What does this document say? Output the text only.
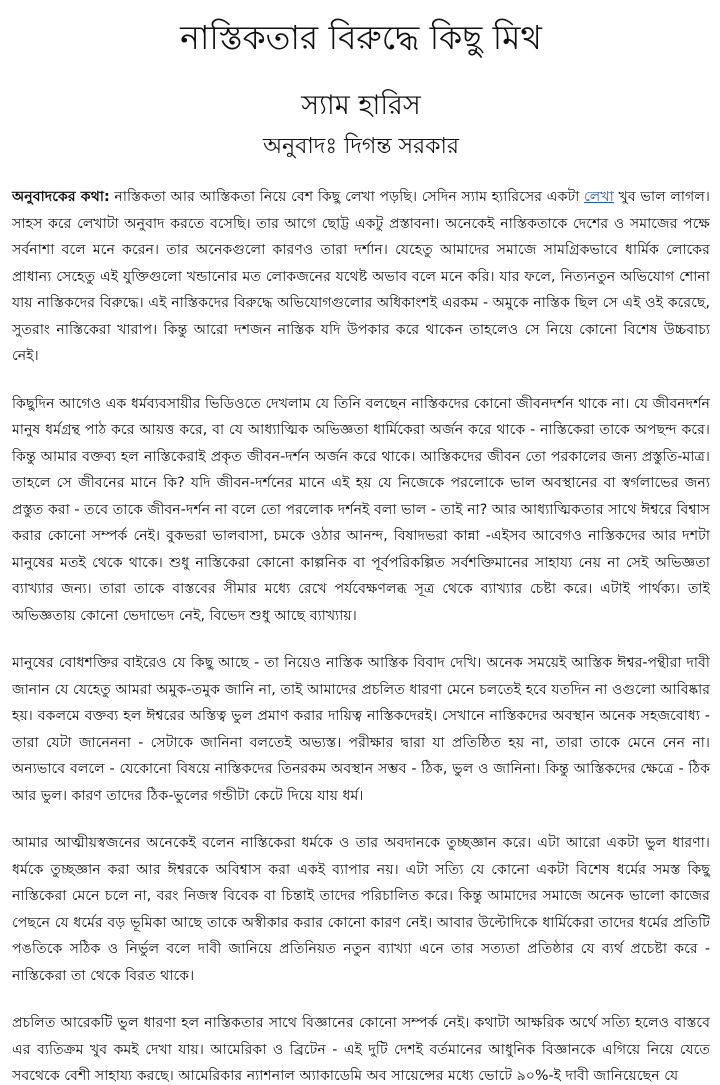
নাস্তিকতার বিরুদ্ধে কিছু মিথ
স্যাম হারিস
অনুবাদঃ দিগন্ত সরকার

অনুবাদকের কথা: নাস্তিকতা আর আস্তিকতা নিয়ে বেশ কিছু লেখা পড়ছি। সেদিন স্যাম হ্যারিসের একটা লেখা খুব ভাল লাগল। সাহস করে লেখাটা অনুবাদ করতে বসেছি। তার আগে ছোট্ট একটু প্রস্তাবনা। অনেকেই নাস্তিকতাকে দেশের ও সমাজের পক্ষে সর্বনাশা বলে মনে করেন। তার অনেকগুলো কারণও তারা দর্শান। যেহেতু আমাদের সমাজে সামগ্রিকভাবে ধার্মিক লোকের প্রাধান্য সেহেতু এই যুক্তিগুলো খন্ডানোর মত লোকজনের যথেষ্ট অভাব বলে মনে করি। যার ফলে, নিত্যনতুন অভিযোগ শোনা যায় নাস্তিকদের বিরুদ্ধে। এই নাস্তিকদের বিরুদ্ধে অভিযোগগুলোর অধিকাংশই এরকম - অমুকে নাস্তিক ছিল সে এই ওই করেছে, সুতরাং নাস্তিকেরা খারাপ। কিন্তু আরো দশজন নাস্তিক যদি উপকার করে থাকেন তাহলেও সে নিয়ে কোনো বিশেষ উচ্চবাচ্য নেই।

কিছুদিন আগেও এক ধর্মব্যবসায়ীর ভিডিওতে দেখলাম যে তিনি বলছেন নাস্তিকদের কোনো জীবনদর্শন থাকে না। যে জীবনদর্শন মানুষ ধর্মগ্রন্থ পাঠ করে আয়ত্ত করে, বা যে আধ্যাত্মিক অভিজ্ঞতা ধার্মিকেরা অর্জন করে থাকে - নাস্তিকেরা তাকে অপছন্দ করে। কিন্তু আমার বক্তব্য হল নাস্তিকেরাই প্রকৃত জীবন-দর্শন অর্জন করে থাকে। আস্তিকদের জীবন তো পরকালের জন্য প্রস্তুতি-মাত্র। তাহলে সে জীবনের মানে কি? যদি জীবন-দর্শনের মানে এই হয় যে নিজেকে পরলোকে ভাল অবস্থানের বা স্বর্গলাভের জন্য প্রস্তুত করা - তবে তাকে জীবন-দর্শন না বলে তো পরলোক দর্শনই বলা ভাল - তাই না? আর আধ্যাত্মিকতার সাথে ঈশ্বরে বিশ্বাস করার কোনো সম্পর্ক নেই। বুকভরা ভালবাসা, চমকে ওঠার আনন্দ, বিষাদভরা কান্না -এইসব আবেগও নাস্তিকদের আর দশটা মানুষের মতই থেকে থাকে। শুধু নাস্তিকেরা কোনো কাল্পনিক বা পূর্বপরিকল্পিত সর্বশক্তিমানের সাহায্য নেয় না সেই অভিজ্ঞতা ব্যাখ্যার জন্য। তারা তাকে বাস্তবের সীমার মধ্যে রেখে পর্যবেক্ষণলব্ধ সূত্র থেকে ব্যাখ্যার চেষ্টা করে। এটাই পার্থক্য। তাই অভিজ্ঞতায় কোনো ভেদাভেদ নেই, বিভেদ শুধু আছে ব্যাখ্যায়।

মানুষের বোধশক্তির বাইরেও যে কিছু আছে - তা নিয়েও নাস্তিক আস্তিক বিবাদ দেখি। অনেক সময়েই আস্তিক ঈশ্বর-পন্থীরা দাবী জানান যে যেহেতু আমরা অমুক-তমুক জানি না, তাই আমাদের প্রচলিত ধারণা মেনে চলতেই হবে যতদিন না ওগুলো আবিষ্কার হয়। বকলমে বক্তব্য হল ঈশ্বরের অস্তিত্ব ভুল প্রমাণ করার দায়িত্ব নাস্তিকদেরই। সেখানে নাস্তিকদের অবস্থান অনেক সহজবোধ্য - তারা যেটা জানেননা - সেটাকে জানিনা বলতেই অভ্যস্ত। পরীক্ষার দ্বারা যা প্রতিষ্ঠিত হয় না, তারা তাকে মেনে নেন না। অন্যভাবে বললে - যেকোনো বিষয়ে নাস্তিকদের তিনরকম অবস্থান সম্ভব - ঠিক, ভুল ও জানিনা। কিন্তু আস্তিকদের ক্ষেত্রে - ঠিক আর ভুল। কারণ তাদের ঠিক-ভুলের গন্ডীটা কেটে দিয়ে যায় ধর্ম।

আমার আত্মীয়স্বজনের অনেকেই বলেন নাস্তিকেরা ধর্মকে ও তার অবদানকে তুচ্ছজ্ঞান করে। এটা আরো একটা ভুল ধারণা। ধর্মকে তুচ্ছজ্ঞান করা আর ঈশ্বরকে অবিশ্বাস করা একই ব্যাপার নয়। এটা সত্যি যে কোনো একটা বিশেষ ধর্মের সমস্ত কিছু নাস্তিকেরা মেনে চলে না, বরং নিজস্ব বিবেক বা চিন্তাই তাদের পরিচালিত করে। কিন্তু আমাদের সমাজে অনেক ভালো কাজের পেছনে যে ধর্মের বড় ভূমিকা আছে তাকে অস্বীকার করার কোনো কারণ নেই। আবার উল্টোদিকে ধার্মিকেরা তাদের ধর্মের প্রতিটি পঙতিকে সঠিক ও নির্ভুল বলে দাবী জানিয়ে প্রতিনিয়ত নতুন ব্যাখ্যা এনে তার সত্যতা প্রতিষ্ঠার যে ব্যর্থ প্রচেষ্টা করে - নাস্তিকেরা তা থেকে বিরত থাকে।

প্রচলিত আরেকটি ভুল ধারণা হল নাস্তিকতার সাথে বিজ্ঞানের কোনো সম্পর্ক নেই। কথাটা আক্ষরিক অর্থে সত্যি হলেও বাস্তবে এর ব্যতিক্রম খুব কমই দেখা যায়। আমেরিকা ও ব্রিটেন - এই দুটি দেশই বর্তমানের আধুনিক বিজ্ঞানকে এগিয়ে নিয়ে যেতে সবথেকে বেশী সাহায্য করছে। আমেরিকার ন্যাশনাল অ্যাকাডেমি অব সায়েন্সের মধ্যে ভোটে ৯০%-ই দাবী জানিয়েছেন যে
